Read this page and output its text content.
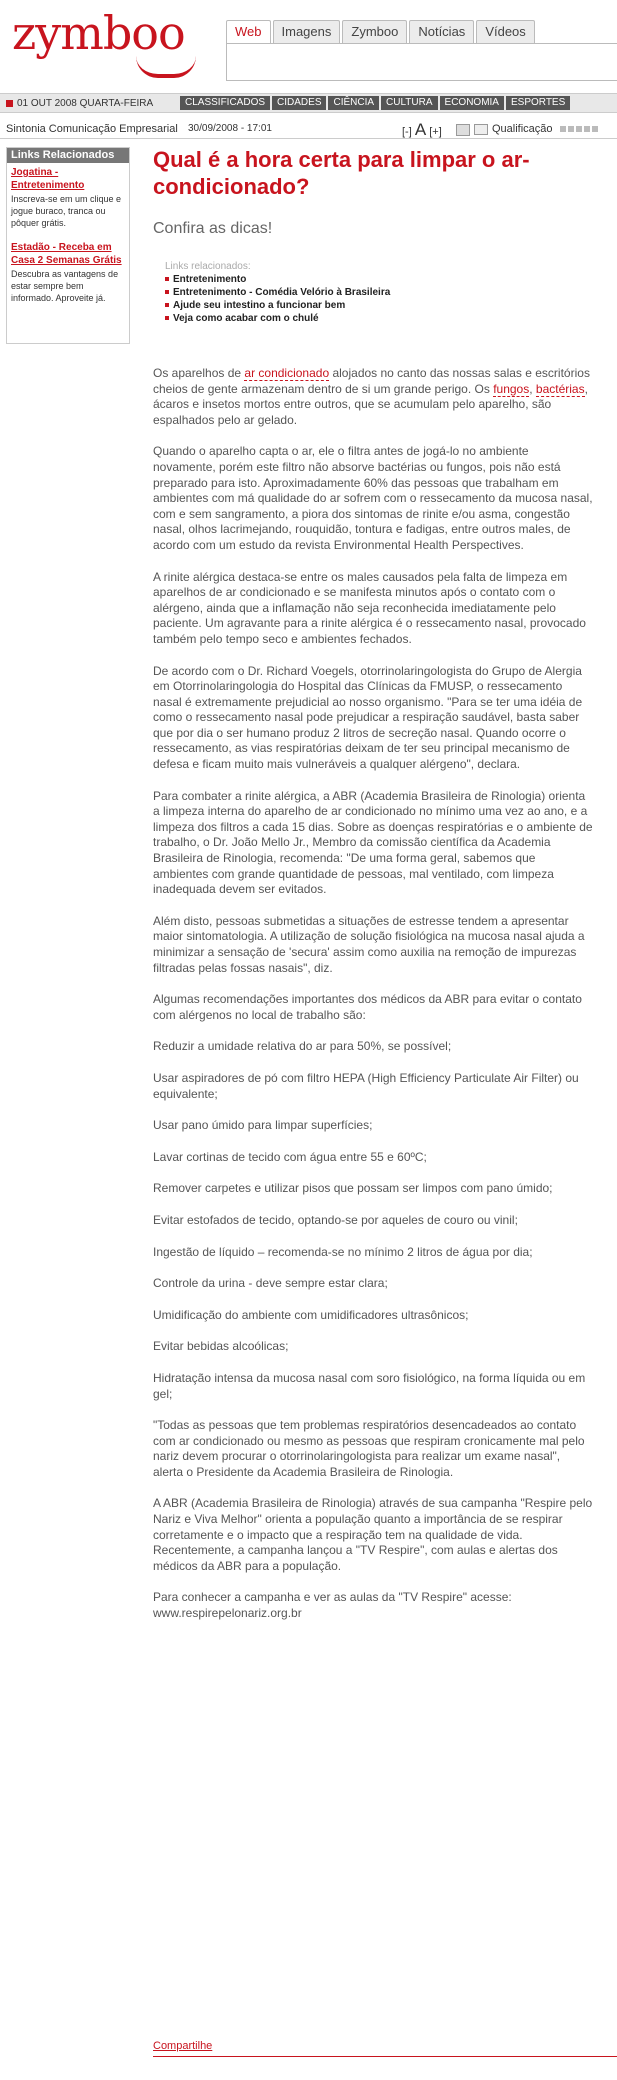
zymboo	Web	Imagens	Zymboo	Notícias	Vídeos
01 OUT 2008 QUARTA-FEIRA	CLASSIFICADOS	CIDADES	CIÊNCIA	CULTURA	ECONOMIA	ESPORTES
Sintonia Comunicação Empresarial 30/09/2008 - 17:01	[-] A [+]	Qualificação
Links Relacionados
Jogatina - Entretenimento
Inscreva-se em um clique e jogue buraco, tranca ou pôquer grátis.
Estadão - Receba em Casa 2 Semanas Grátis
Descubra as vantagens de estar sempre bem informado. Aproveite já.
Qual é a hora certa para limpar o ar-condicionado?
Confira as dicas!
Links relacionados:
Entretenimento
Entretenimento - Comédia Velório à Brasileira
Ajude seu intestino a funcionar bem
Veja como acabar com o chulé

Os aparelhos de ar condicionado alojados no canto das nossas salas e escritórios cheios de gente armazenam dentro de si um grande perigo. Os fungos, bactérias, ácaros e insetos mortos entre outros, que se acumulam pelo aparelho, são espalhados pelo ar gelado.

Quando o aparelho capta o ar, ele o filtra antes de jogá-lo no ambiente novamente, porém este filtro não absorve bactérias ou fungos, pois não está preparado para isto. Aproximadamente 60% das pessoas que trabalham em ambientes com má qualidade do ar sofrem com o ressecamento da mucosa nasal, com e sem sangramento, a piora dos sintomas de rinite e/ou asma, congestão nasal, olhos lacrimejando, rouquidão, tontura e fadigas, entre outros males, de acordo com um estudo da revista Environmental Health Perspectives.

A rinite alérgica destaca-se entre os males causados pela falta de limpeza em aparelhos de ar condicionado e se manifesta minutos após o contato com o alérgeno, ainda que a inflamação não seja reconhecida imediatamente pelo paciente. Um agravante para a rinite alérgica é o ressecamento nasal, provocado também pelo tempo seco e ambientes fechados.

De acordo com o Dr. Richard Voegels, otorrinolaringologista do Grupo de Alergia em Otorrinolaringologia do Hospital das Clínicas da FMUSP, o ressecamento nasal é extremamente prejudicial ao nosso organismo. "Para se ter uma idéia de como o ressecamento nasal pode prejudicar a respiração saudável, basta saber que por dia o ser humano produz 2 litros de secreção nasal. Quando ocorre o ressecamento, as vias respiratórias deixam de ter seu principal mecanismo de defesa e ficam muito mais vulneráveis a qualquer alérgeno", declara.

Para combater a rinite alérgica, a ABR (Academia Brasileira de Rinologia) orienta a limpeza interna do aparelho de ar condicionado no mínimo uma vez ao ano, e a limpeza dos filtros a cada 15 dias. Sobre as doenças respiratórias e o ambiente de trabalho, o Dr. João Mello Jr., Membro da comissão científica da Academia Brasileira de Rinologia, recomenda: "De uma forma geral, sabemos que ambientes com grande quantidade de pessoas, mal ventilado, com limpeza inadequada devem ser evitados.

Além disto, pessoas submetidas a situações de estresse tendem a apresentar maior sintomatologia. A utilização de solução fisiológica na mucosa nasal ajuda a minimizar a sensação de 'secura' assim como auxilia na remoção de impurezas filtradas pelas fossas nasais", diz.

Algumas recomendações importantes dos médicos da ABR para evitar o contato com alérgenos no local de trabalho são:

Reduzir a umidade relativa do ar para 50%, se possível;

Usar aspiradores de pó com filtro HEPA (High Efficiency Particulate Air Filter) ou equivalente;

Usar pano úmido para limpar superfícies;

Lavar cortinas de tecido com água entre 55 e 60ºC;

Remover carpetes e utilizar pisos que possam ser limpos com pano úmido;

Evitar estofados de tecido, optando-se por aqueles de couro ou vinil;

Ingestão de líquido – recomenda-se no mínimo 2 litros de água por dia;

Controle da urina - deve sempre estar clara;

Umidificação do ambiente com umidificadores ultrasônicos;

Evitar bebidas alcoólicas;

Hidratação intensa da mucosa nasal com soro fisiológico, na forma líquida ou em gel;

"Todas as pessoas que tem problemas respiratórios desencadeados ao contato com ar condicionado ou mesmo as pessoas que respiram cronicamente mal pelo nariz devem procurar o otorrinolaringologista para realizar um exame nasal", alerta o Presidente da Academia Brasileira de Rinologia.

A ABR (Academia Brasileira de Rinologia) através de sua campanha "Respire pelo Nariz e Viva Melhor" orienta a população quanto a importância de se respirar corretamente e o impacto que a respiração tem na qualidade de vida. Recentemente, a campanha lançou a "TV Respire", com aulas e alertas dos médicos da ABR para a população.

Para conhecer a campanha e ver as aulas da "TV Respire" acesse: www.respirepelonariz.org.br

Compartilhe
